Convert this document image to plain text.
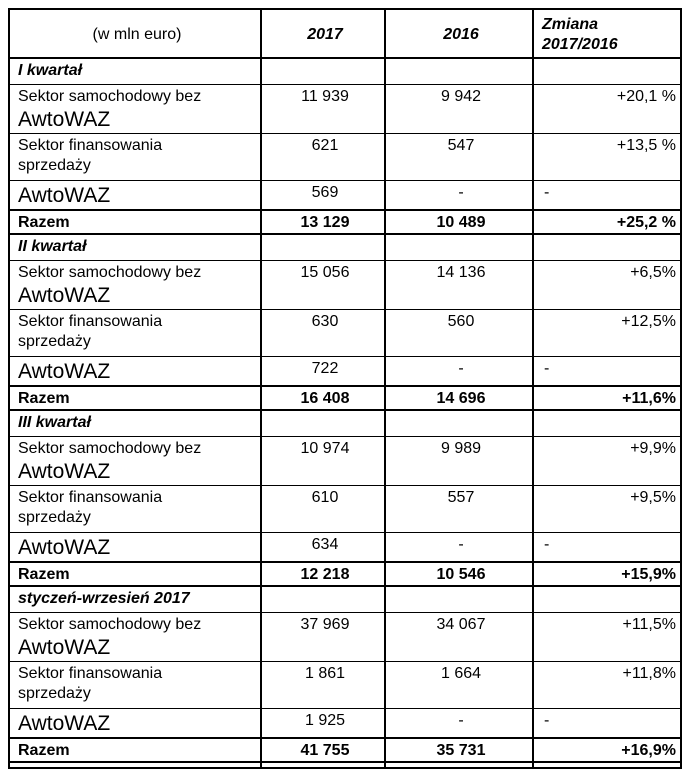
(w mln euro)	2017	2016	Zmiana
2017/2016

I kwartał			

Sektor samochodowy bez
AwtoWAZ	11 939	9 942	+20,1 %

Sektor finansowania
sprzedaży	621	547	+13,5 %
AwtoWAZ	569	-	-
Razem	13 129	10 489	+25,2 %
II kwartał			

Sektor samochodowy bez
AwtoWAZ	15 056	14 136	+6,5%

Sektor finansowania
sprzedaży	630	560	+12,5%
AwtoWAZ	722	-	-
Razem	16 408	14 696	+11,6%
III kwartał			

Sektor samochodowy bez
AwtoWAZ	10 974	9 989	+9,9%

Sektor finansowania
sprzedaży	610	557	+9,5%
AwtoWAZ	634	-	-
Razem	12 218	10 546	+15,9%
styczeń-wrzesień 2017			

Sektor samochodowy bez
AwtoWAZ	37 969	34 067	+11,5%

Sektor finansowania
sprzedaży	1 861	1 664	+11,8%
AwtoWAZ	1 925	-	-
Razem	41 755	35 731	+16,9%
